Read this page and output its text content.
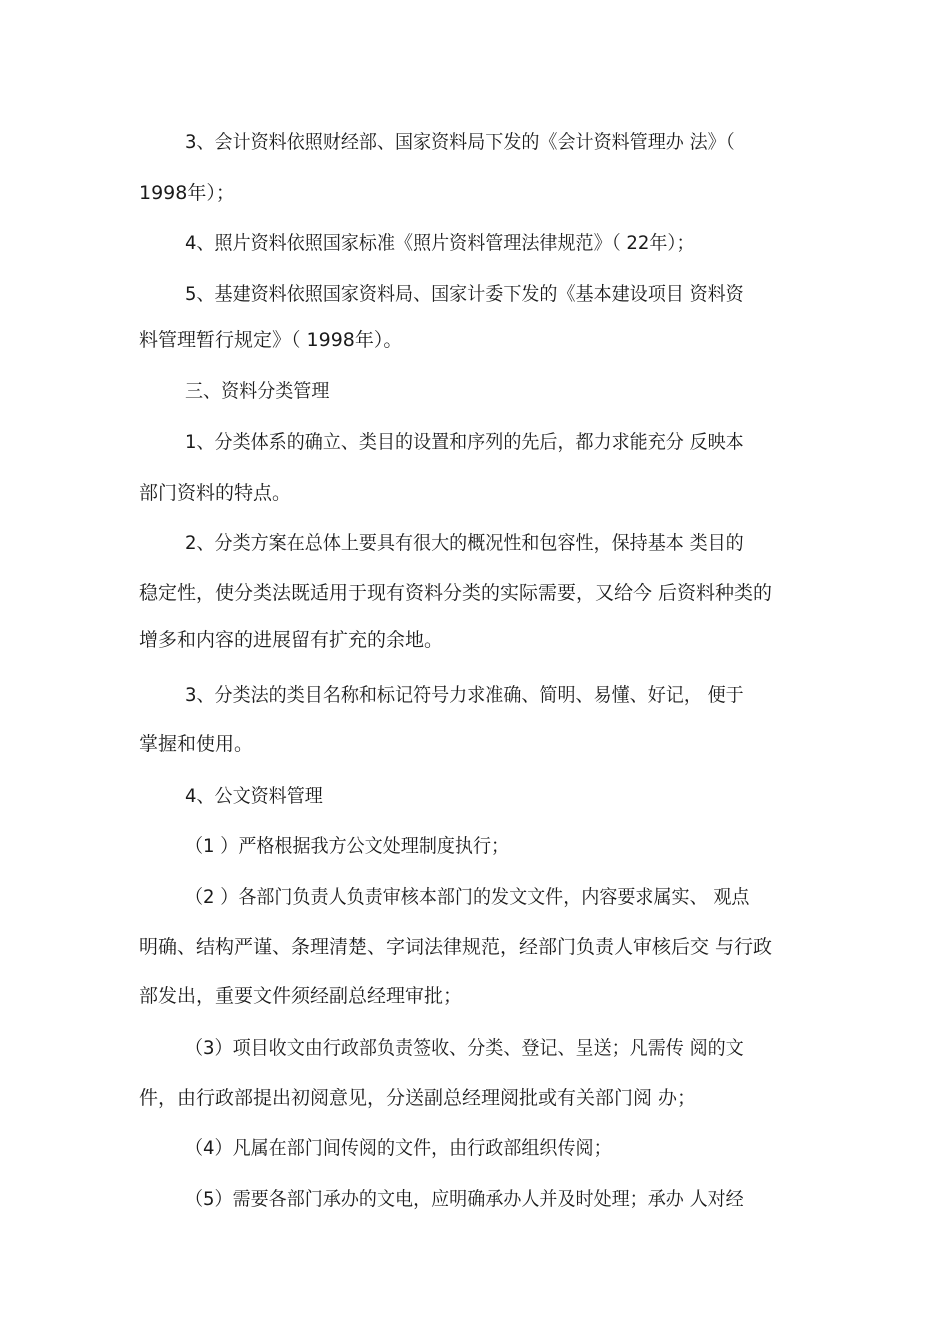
3、会计资料依照财经部、国家资料局下发的《会计资料管理办 法》（
1998年）；
4、照片资料依照国家标准《照片资料管理法律规范》（ 22年）；
5、基建资料依照国家资料局、国家计委下发的《基本建设项目 资料资
料管理暂行规定》（ 1998年）。
三、资料分类管理
1、分类体系的确立、类目的设置和序列的先后，都力求能充分 反映本
部门资料的特点。
2、分类方案在总体上要具有很大的概况性和包容性，保持基本 类目的
稳定性，使分类法既适用于现有资料分类的实际需要，又给今 后资料种类的
增多和内容的进展留有扩充的余地。
3、分类法的类目名称和标记符号力求准确、简明、易懂、好记， 便于
掌握和使用。
4、公文资料管理
（1 ）严格根据我方公文处理制度执行；
（2 ）各部门负责人负责审核本部门的发文文件，内容要求属实、 观点
明确、结构严谨、条理清楚、字词法律规范，经部门负责人审核后交 与行政
部发出，重要文件须经副总经理审批；
（3）项目收文由行政部负责签收、分类、登记、呈送；凡需传 阅的文
件，由行政部提出初阅意见，分送副总经理阅批或有关部门阅 办；
（4）凡属在部门间传阅的文件，由行政部组织传阅；
（5）需要各部门承办的文电，应明确承办人并及时处理；承办 人对经
